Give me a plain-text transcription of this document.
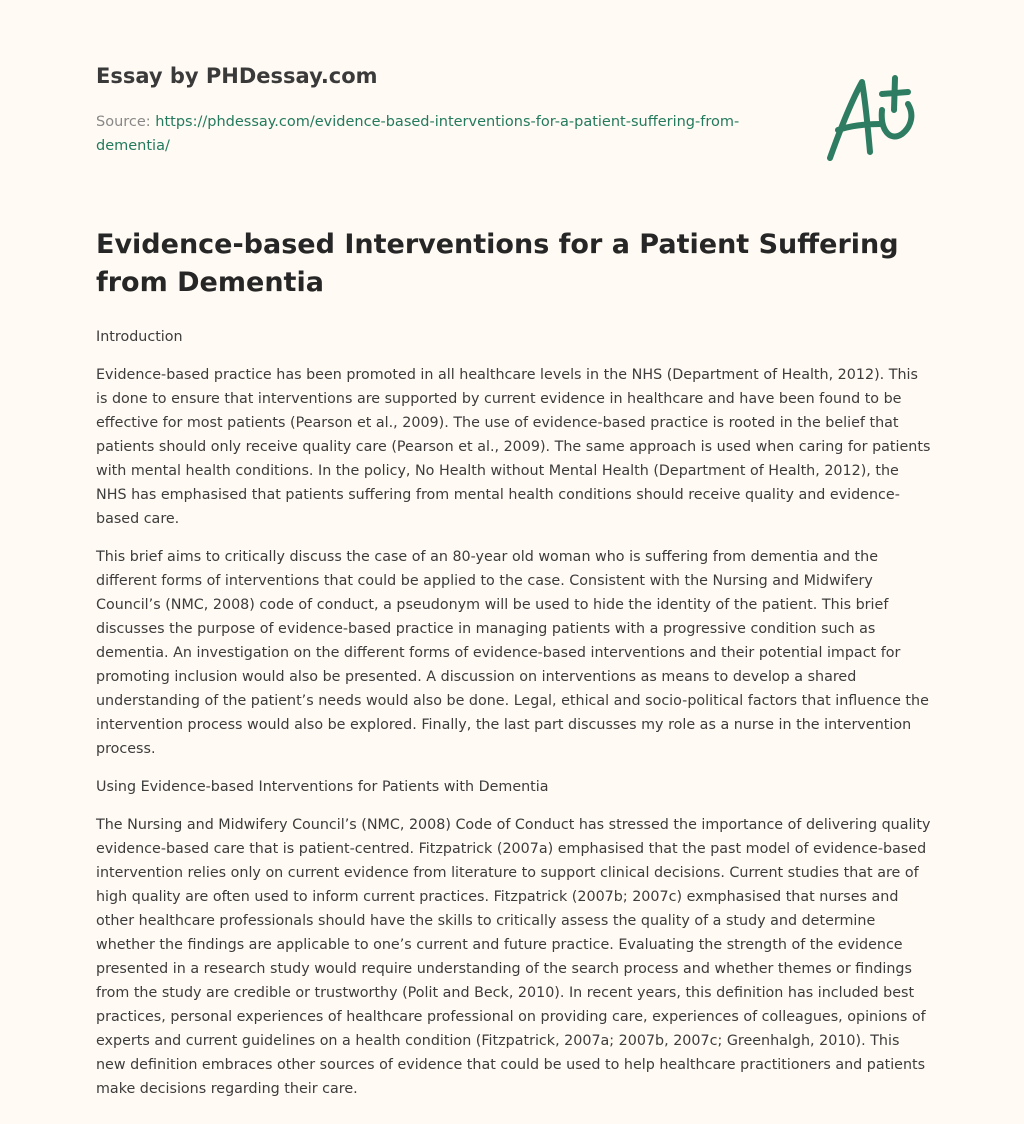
Essay by PHDessay.com
Source: https://phdessay.com/evidence-based-interventions-for-a-patient-suffering-from-dementia/
Evidence-based Interventions for a Patient Suffering from Dementia

Introduction

Evidence-based practice has been promoted in all healthcare levels in the NHS (Department of Health, 2012). This is done to ensure that interventions are supported by current evidence in healthcare and have been found to be effective for most patients (Pearson et al., 2009). The use of evidence-based practice is rooted in the belief that patients should only receive quality care (Pearson et al., 2009). The same approach is used when caring for patients with mental health conditions. In the policy, No Health without Mental Health (Department of Health, 2012), the NHS has emphasised that patients suffering from mental health conditions should receive quality and evidence-based care.

This brief aims to critically discuss the case of an 80-year old woman who is suffering from dementia and the different forms of interventions that could be applied to the case. Consistent with the Nursing and Midwifery Council’s (NMC, 2008) code of conduct, a pseudonym will be used to hide the identity of the patient. This brief discusses the purpose of evidence-based practice in managing patients with a progressive condition such as dementia. An investigation on the different forms of evidence-based interventions and their potential impact for promoting inclusion would also be presented. A discussion on interventions as means to develop a shared understanding of the patient’s needs would also be done. Legal, ethical and socio-political factors that influence the intervention process would also be explored. Finally, the last part discusses my role as a nurse in the intervention process.

Using Evidence-based Interventions for Patients with Dementia

The Nursing and Midwifery Council’s (NMC, 2008) Code of Conduct has stressed the importance of delivering quality evidence-based care that is patient-centred. Fitzpatrick (2007a) emphasised that the past model of evidence-based intervention relies only on current evidence from literature to support clinical decisions. Current studies that are of high quality are often used to inform current practices. Fitzpatrick (2007b; 2007c) exmphasised that nurses and other healthcare professionals should have the skills to critically assess the quality of a study and determine whether the findings are applicable to one’s current and future practice. Evaluating the strength of the evidence presented in a research study would require understanding of the search process and whether themes or findings from the study are credible or trustworthy (Polit and Beck, 2010). In recent years, this definition has included best practices, personal experiences of healthcare professional on providing care, experiences of colleagues, opinions of experts and current guidelines on a health condition (Fitzpatrick, 2007a; 2007b, 2007c; Greenhalgh, 2010). This new definition embraces other sources of evidence that could be used to help healthcare practitioners and patients make decisions regarding their care.
